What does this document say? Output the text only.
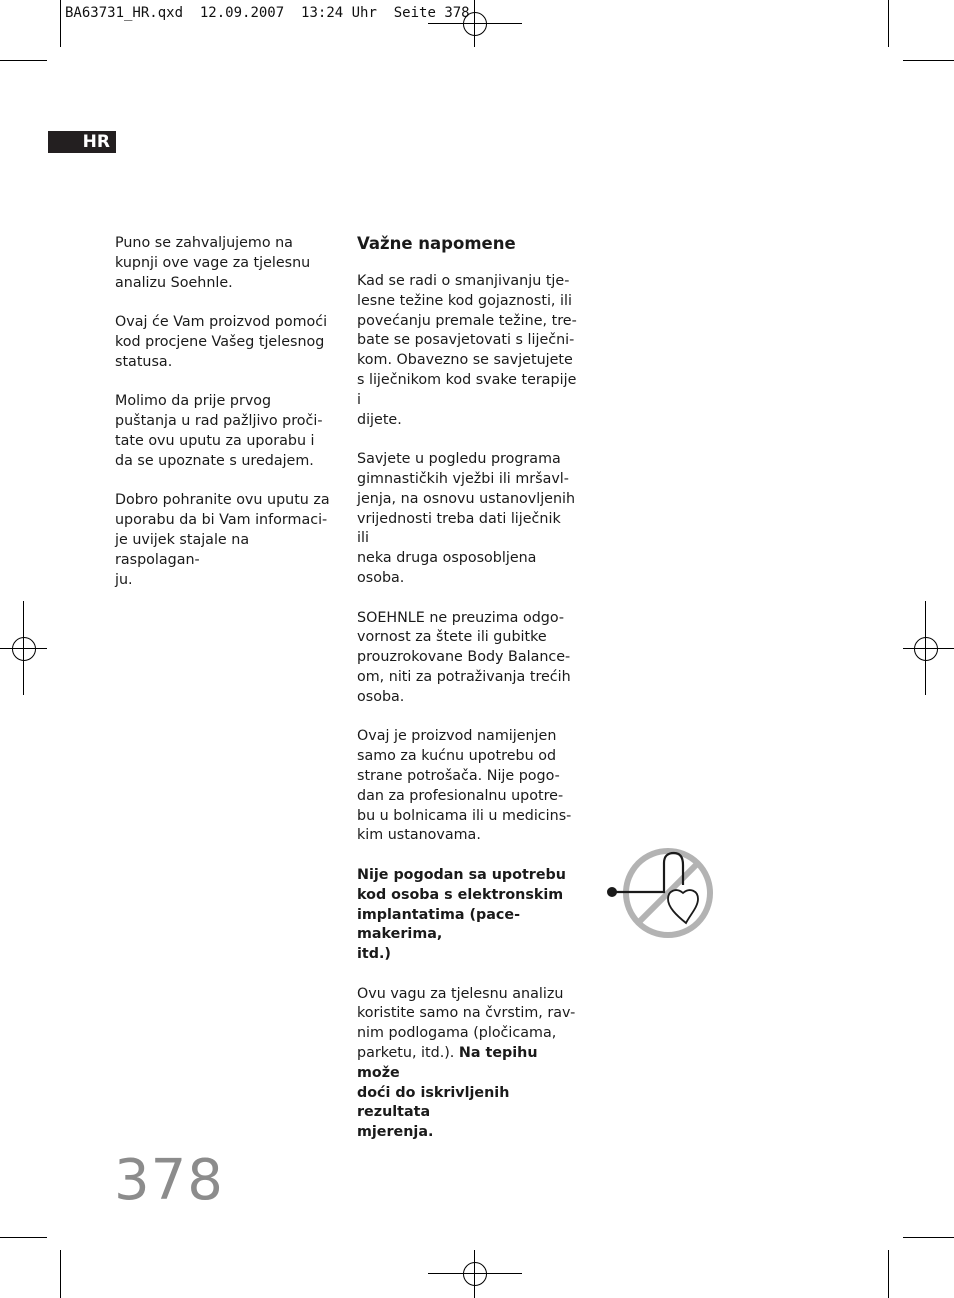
BA63731_HR.qxd 12.09.2007 13:24 Uhr Seite 378
HR

Puno se zahvaljujemo na
kupnji ove vage za tjelesnu
analizu Soehnle.

Ovaj će Vam proizvod pomoći
kod procjene Vašeg tjelesnog
statusa.

Molimo da prije prvog
puštanja u rad pažljivo proči-
tate ovu uputu za uporabu i
da se upoznate s uredajem.

Dobro pohranite ovu uputu za
uporabu da bi Vam informaci-
je uvijek stajale na raspolagan-
ju.

Važne napomene

Kad se radi o smanjivanju tje-
lesne težine kod gojaznosti, ili
povećanju premale težine, tre-
bate se posavjetovati s liječni-
kom. Obavezno se savjetujete
s liječnikom kod svake terapije i
dijete.

Savjete u pogledu programa
gimnastičkih vježbi ili mršavl-
jenja, na osnovu ustanovljenih
vrijednosti treba dati liječnik ili
neka druga osposobljena
osoba.

SOEHNLE ne preuzima odgo-
vornost za štete ili gubitke
prouzrokovane Body Balance-
om, niti za potraživanja trećih
osoba.

Ovaj je proizvod namijenjen
samo za kućnu upotrebu od
strane potrošača. Nije pogo-
dan za profesionalnu upotre-
bu u bolnicama ili u medicins-
kim ustanovama.

Nije pogodan sa upotrebu
kod osoba s elektronskim
implantatima (pace-makerima,
itd.)

Ovu vagu za tjelesnu analizu
koristite samo na čvrstim, rav-
nim podlogama (pločicama,
parketu, itd.). Na tepihu može
doći do iskrivljenih rezultata
mjerenja.

378
